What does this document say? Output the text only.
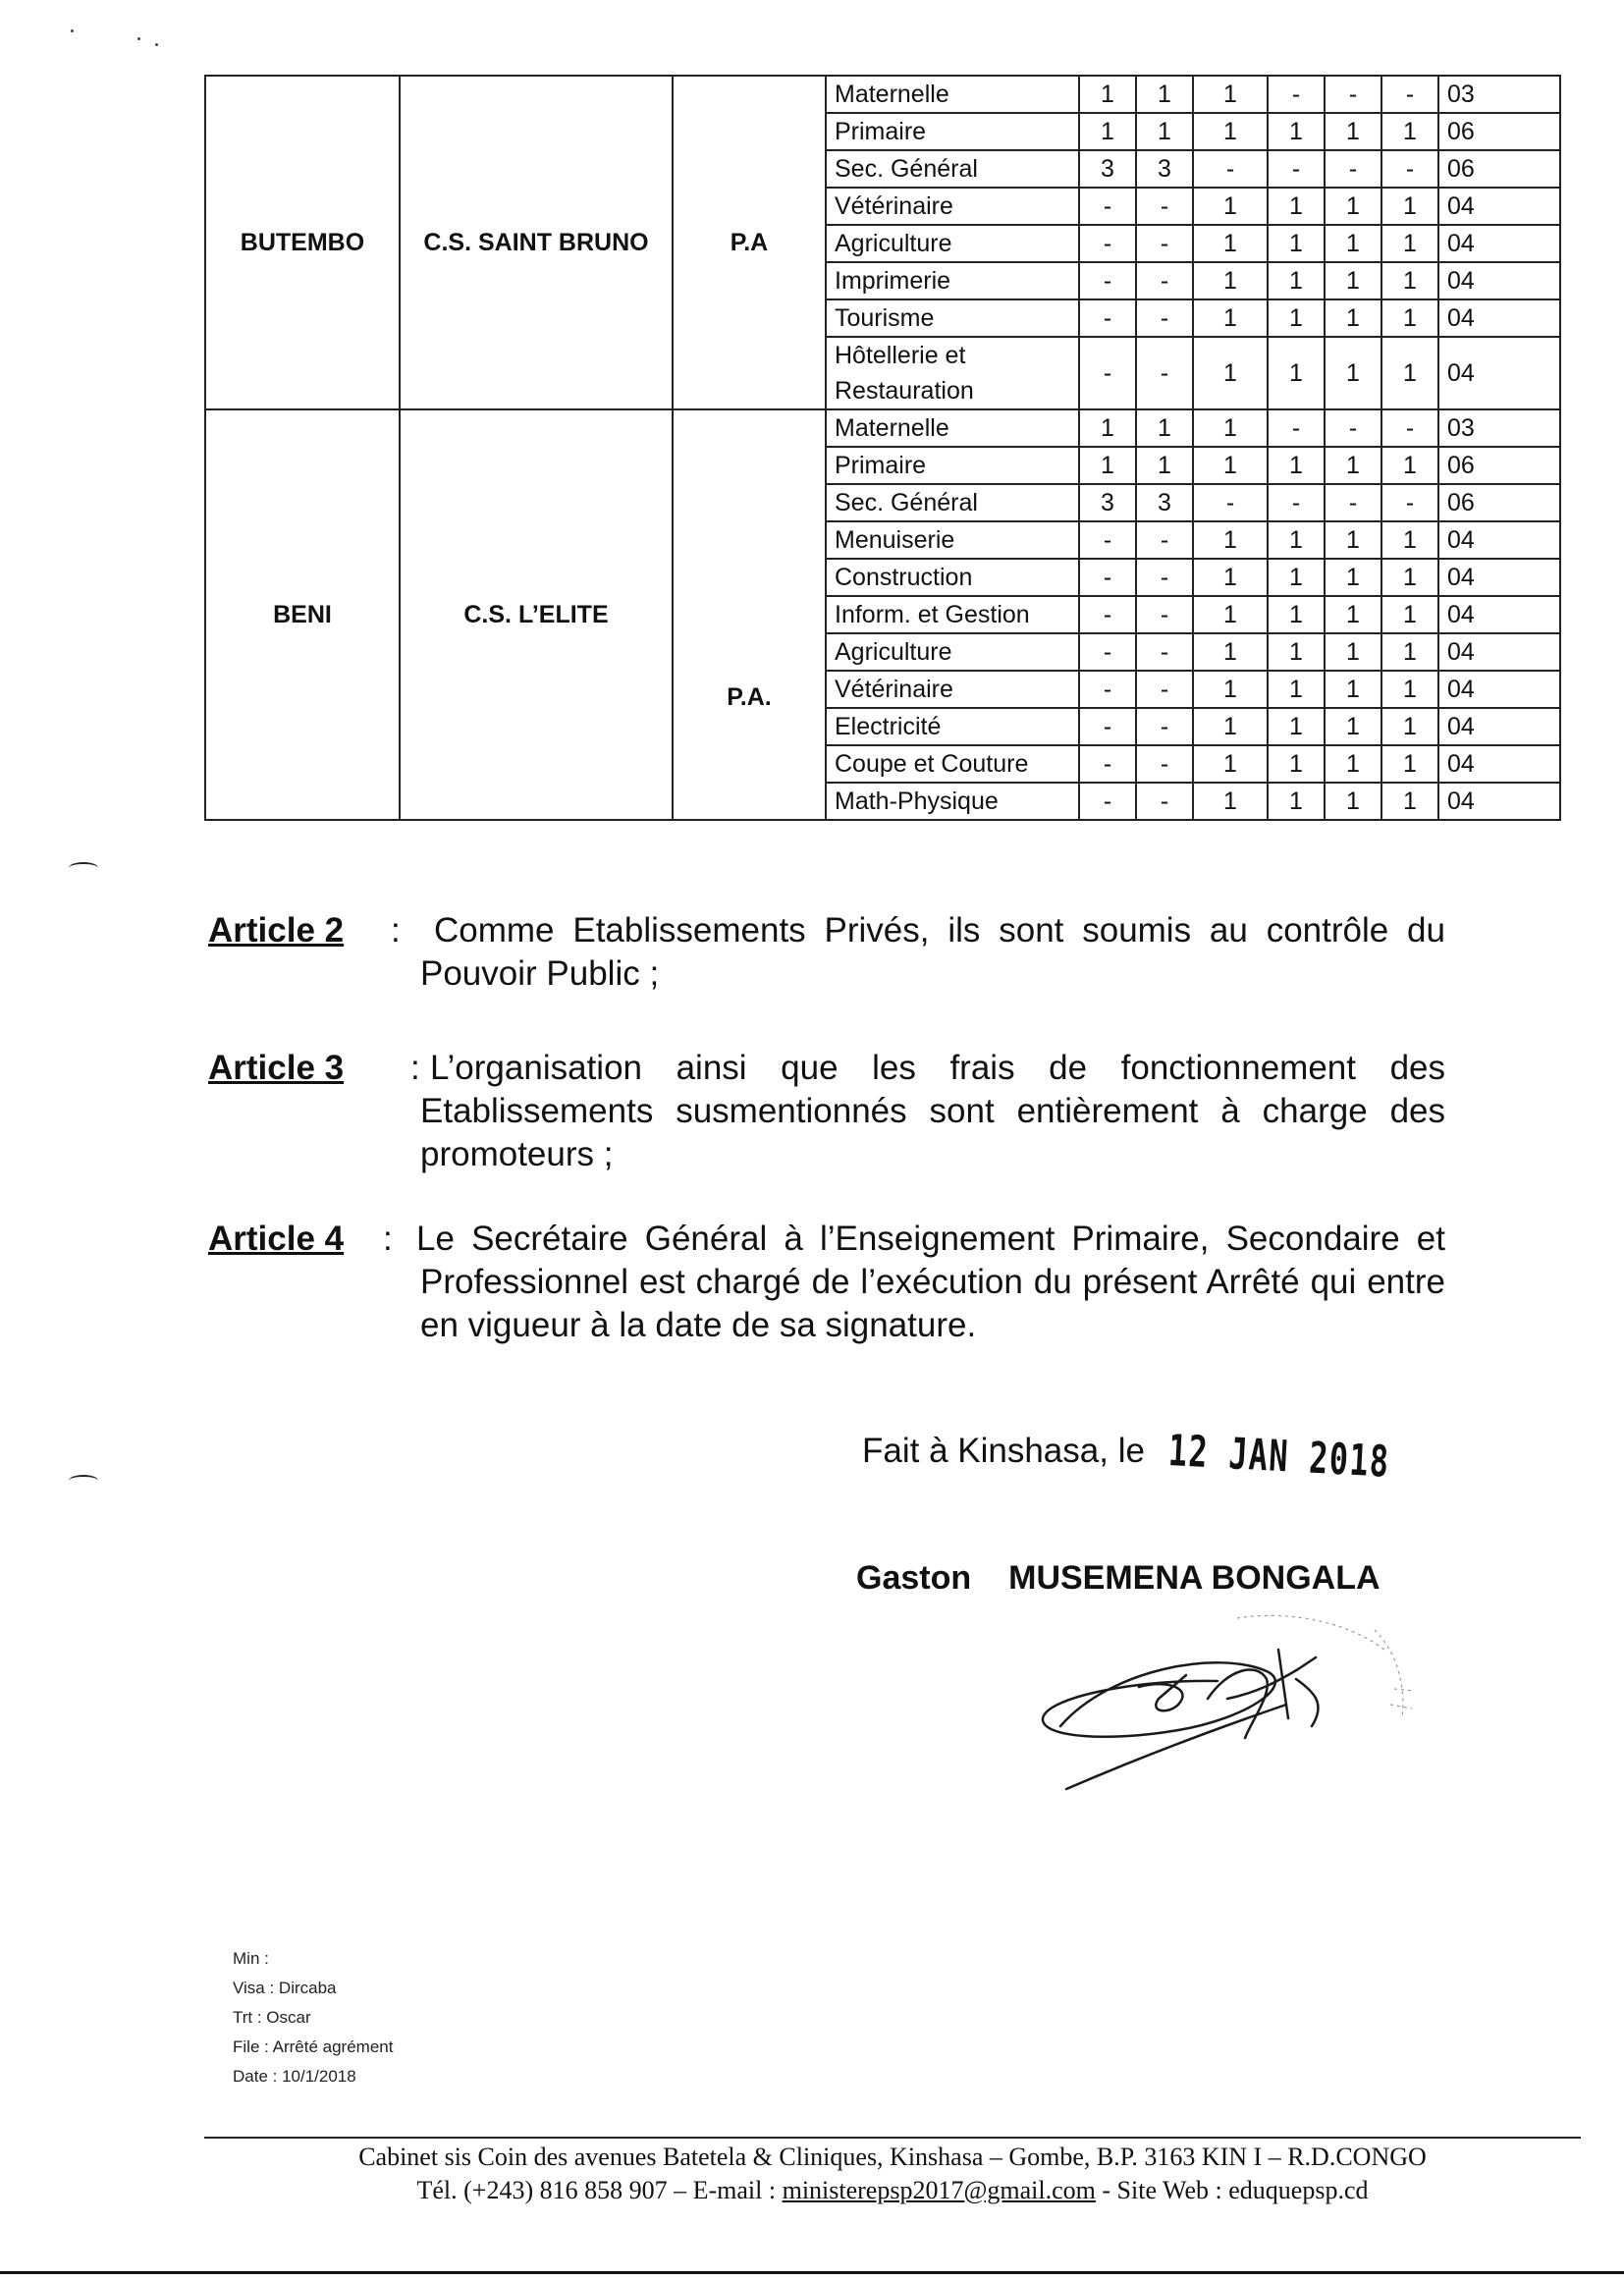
BUTEMBO	C.S. SAINT BRUNO	P.A	Maternelle	1	1	1	-	-	-	03
			Primaire	1	1	1	1	1	1	06
			Sec. Général	3	3	-	-	-	-	06
			Vétérinaire	-	-	1	1	1	1	04
			Agriculture	-	-	1	1	1	1	04
			Imprimerie	-	-	1	1	1	1	04
			Tourisme	-	-	1	1	1	1	04
			Hôtellerie et Restauration	-	-	1	1	1	1	04
BENI	C.S. L’ELITE	P.A.	Maternelle	1	1	1	-	-	-	03
			Primaire	1	1	1	1	1	1	06
			Sec. Général	3	3	-	-	-	-	06
			Menuiserie	-	-	1	1	1	1	04
			Construction	-	-	1	1	1	1	04
			Inform. et Gestion	-	-	1	1	1	1	04
			Agriculture	-	-	1	1	1	1	04
			Vétérinaire	-	-	1	1	1	1	04
			Electricité	-	-	1	1	1	1	04
			Coupe et Couture	-	-	1	1	1	1	04
			Math-Physique	-	-	1	1	1	1	04
Article 2 : Comme Etablissements Privés, ils sont soumis au contrôle du Pouvoir Public ;
Article 3 : L’organisation ainsi que les frais de fonctionnement des Etablissements susmentionnés sont entièrement à charge des promoteurs ;
Article 4 : Le Secrétaire Général à l’Enseignement Primaire, Secondaire et Professionnel est chargé de l’exécution du présent Arrêté qui entre en vigueur à la date de sa signature.
Fait à Kinshasa, le 12 JAN 2018
Gaston MUSEMENA BONGALA
Min :
Visa : Dircaba
Trt : Oscar
File : Arrêté agrément
Date : 10/1/2018
Cabinet sis Coin des avenues Batetela & Cliniques, Kinshasa – Gombe, B.P. 3163 KIN I – R.D.CONGO
Tél. (+243) 816 858 907 – E-mail : ministerepsp2017@gmail.com - Site Web : eduquepsp.cd
